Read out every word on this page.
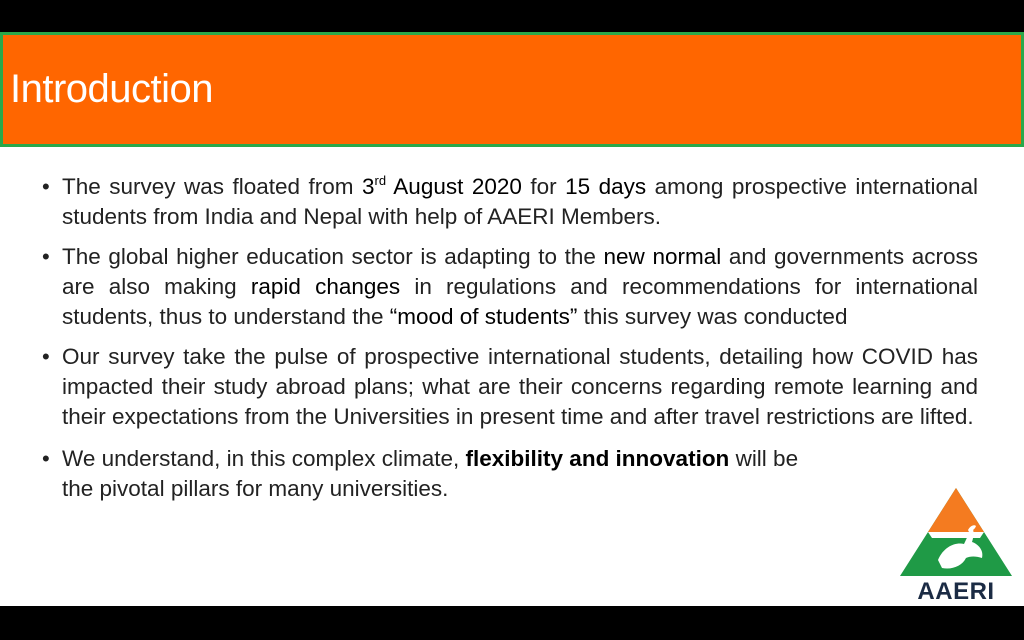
Introduction
• The survey was floated from 3rd August 2020 for 15 days among prospective international students from India and Nepal with help of AAERI Members.
• The global higher education sector is adapting to the new normal and governments across are also making rapid changes in regulations and recommendations for international students, thus to understand the “mood of students” this survey was conducted
• Our survey take the pulse of prospective international students, detailing how COVID has impacted their study abroad plans; what are their concerns regarding remote learning and their expectations from the Universities in present time and after travel restrictions are lifted.
• We understand, in this complex climate, flexibility and innovation will be the pivotal pillars for many universities.
AAERI
